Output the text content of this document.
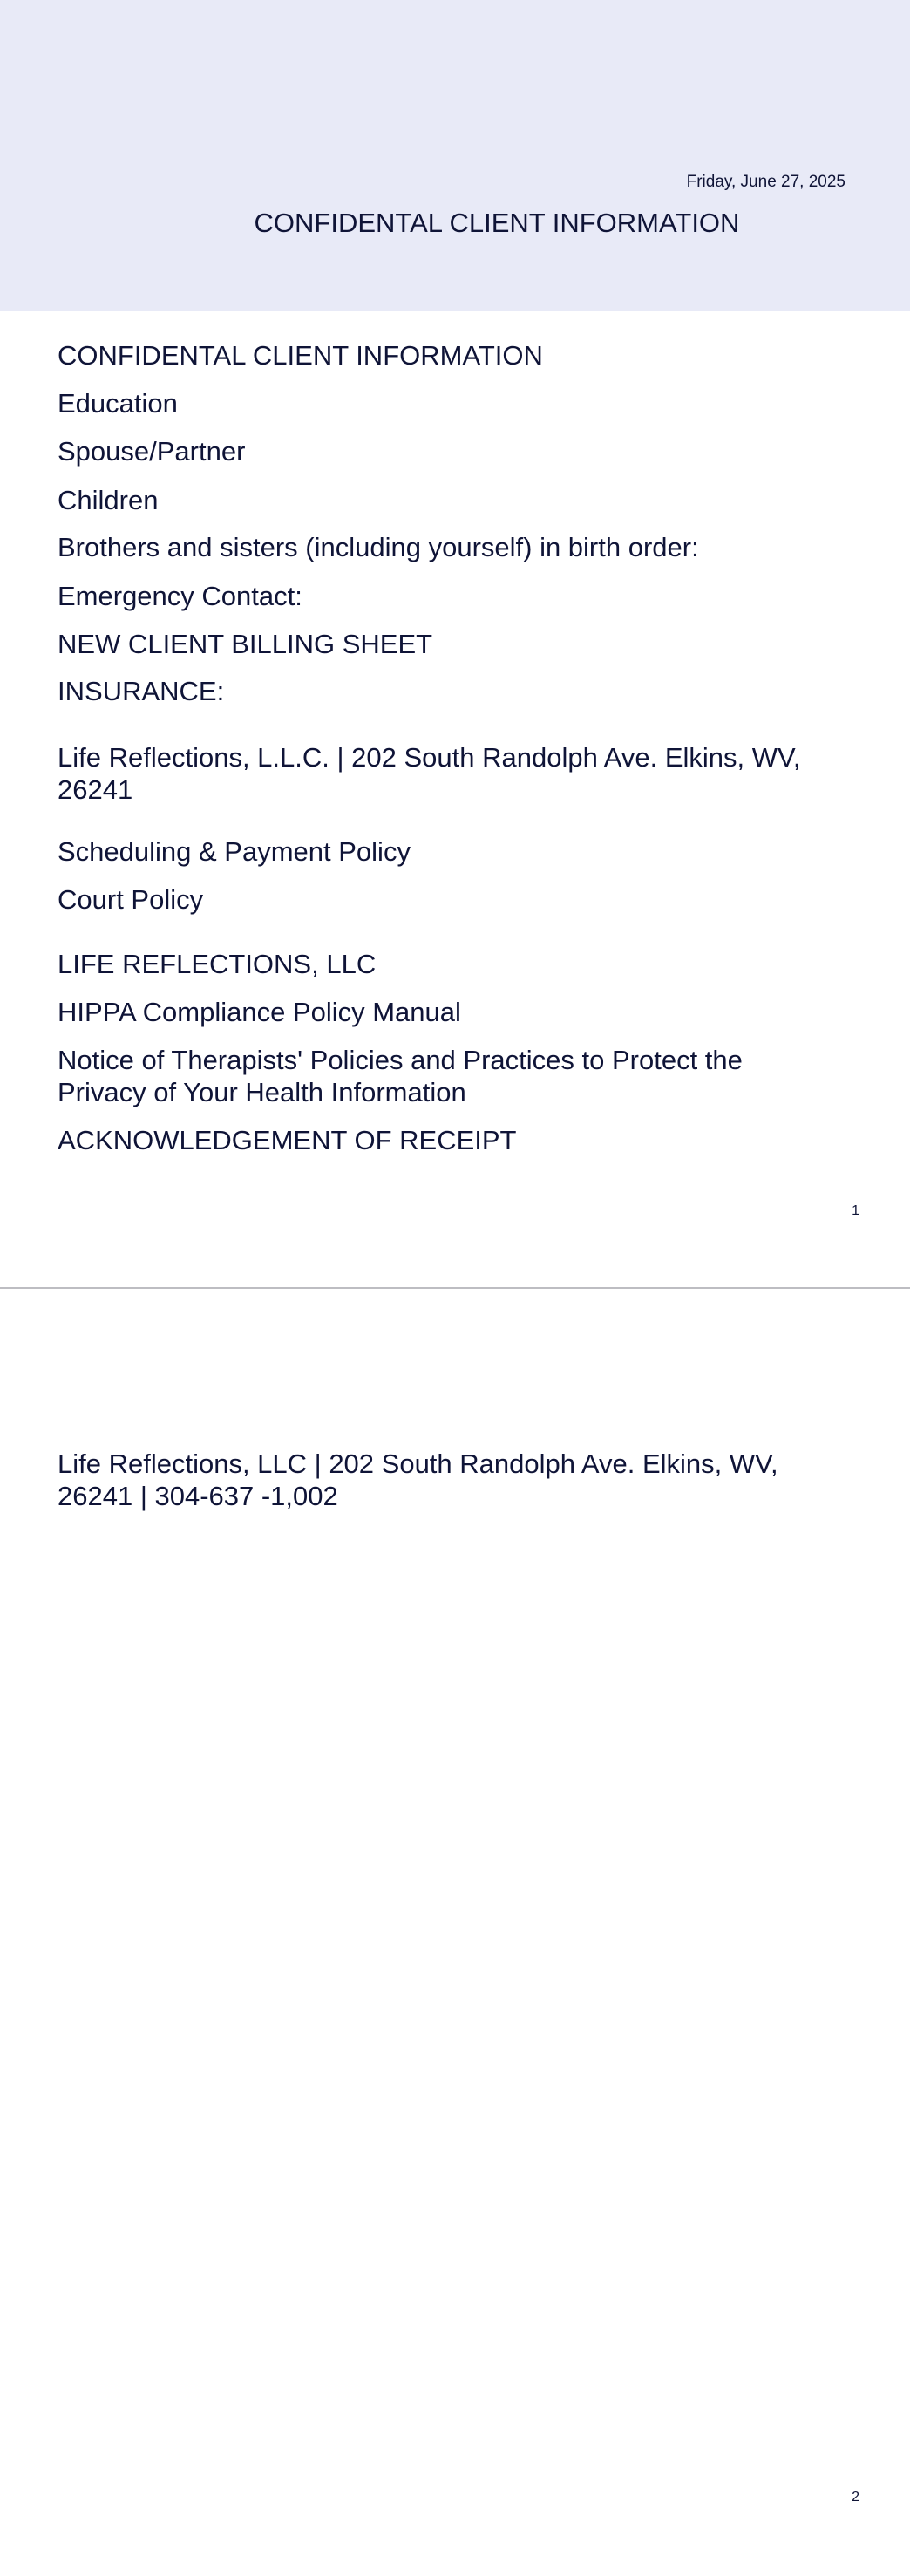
Friday, June 27, 2025
CONFIDENTAL CLIENT INFORMATION
CONFIDENTAL CLIENT INFORMATION
Education
Spouse/Partner
Children
Brothers and sisters (including yourself) in birth order:
Emergency Contact:
NEW CLIENT BILLING SHEET
INSURANCE:
Life Reflections, L.L.C. | 202 South Randolph Ave. Elkins, WV, 26241
Scheduling & Payment Policy
Court Policy
LIFE REFLECTIONS, LLC
HIPPA Compliance Policy Manual
Notice of Therapists' Policies and Practices to Protect the Privacy of Your Health Information
ACKNOWLEDGEMENT OF RECEIPT
1
Life Reflections, LLC | 202 South Randolph Ave. Elkins, WV, 26241 | 304-637 -1,002
2
